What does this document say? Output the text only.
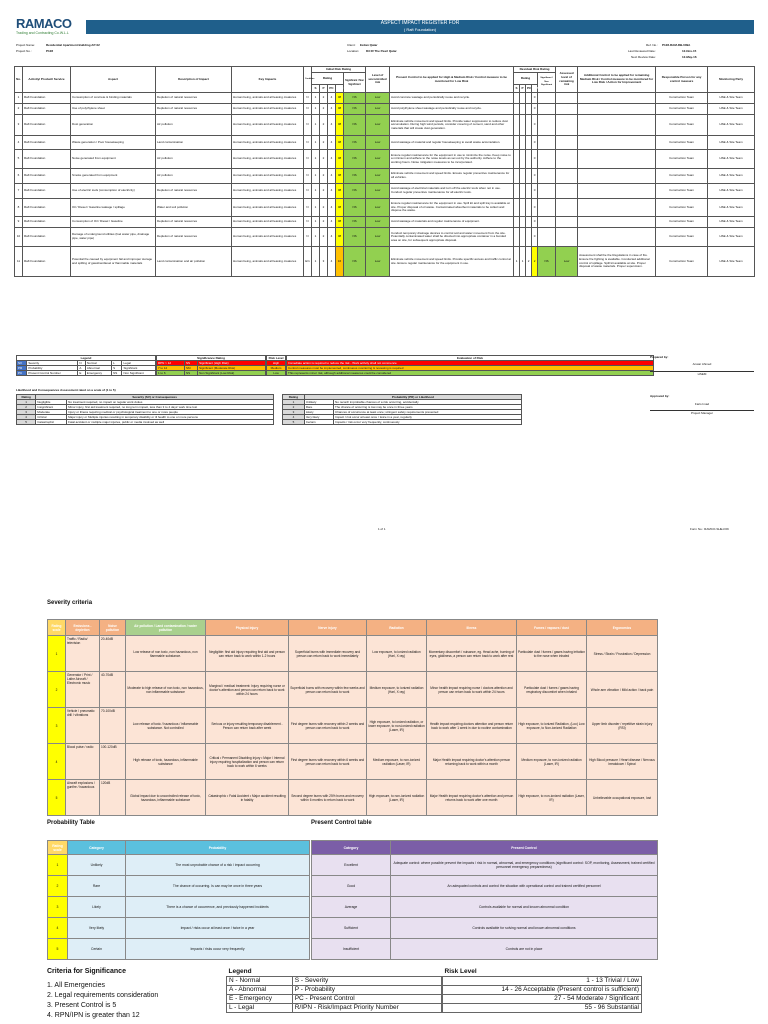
RAMACO
Trading and Contracting Co.W.L.L
ASPECT IMPACT REGISTER FOR
( Raft Foundation)
Project Name:	Residential Apartment Building AP-02
Project No.:	P128
Client: Ezdan Qatar
Location: D3 IR The Pearl Qatar
Ref. No.: P128-RAM-RB-009A
Last Reviewed Date:	12-Nov-15
Next Review Date:	12-May-16
No.	Activity/ Product/ Service	Aspect	Description of Impact	Key Impacts	Condition	Initial Risk Rating					Level of uncontrolled risk	Present Control to be applied for High & Medium Risk / Control measure to be monitored for Low Risk	Residual Risk Rating					Assessed level of remaining risk	Additional Control to be applied for remaining Medium Risk / Control measure to be monitored for Low Risk / Action for Improvement	Responsible Person for any control measure	Monitoring Party
						Rating				Significant / Non Significant			Rating				Significant / Non Significant				
						S	P	PC	RPN				S	P	PC	RPN					
1	Raft Foundation	Consumption of concrete & binding materials	Depletion of natural resources	Human being, animals and all leaving creatures	N	1	2	4	08	NS	Low	Avoid concrete wastage and periodically reuse and recycle.				0				Construction Team	HSE & Site Team
2	Raft Foundation	Use of polythylene sheet	Depletion of natural resources	Human being, animals and all leaving creatures	N	1	2	4	08	NS	Low	Avoid polythylene sheet wastage and periodically reuse and recycle.				0				Construction Team	HSE & Site Team
3	Raft Foundation	Dust generation	Air pollution	Human being, animals and all leaving creatures	N	1	2	4	08	NS	Low	Eliminate vehicle movement and speed limits. Provide water suppression to reduce dust accumulation. During high wind periods, consider covering of cement, sand and other materials that will create dust generation.				0				Construction Team	HSE & Site Team
4	Raft Foundation	Waste generation / Poor housekeeping	Land contamination	Human being, animals and all leaving creatures	N	1	2	4	08	NS	Low	Avoid wastage of material and regular housekeeping to avoid waste accumulation.				0				Construction Team	HSE & Site Team
5	Raft Foundation	Noise generated from equipment	Air pollution	Human being, animals and all leaving creatures	N	1	2	4	08	NS	Low	Ensure regular maintenance for the equipment in use to minimize the noise. Keep noise to a minimum and adhere to the noise levels as set out by the authority. Adhere to the working hours. Noise mitigation measures to be incorporated.				0				Construction Team	HSE & Site Team
6	Raft Foundation	Smoke generated from equipment	Air pollution	Human being, animals and all leaving creatures	N	1	2	4	08	NS	Low	Eliminate vehicle movement and speed limits. Ensure regular preventive maintenance for all vehicles.				0				Construction Team	HSE & Site Team
7	Raft Foundation	Use of electric tools (consumption of electricity)	Depletion of natural resources	Human being, animals and all leaving creatures	N	1	2	4	08	NS	Low	Avoid wastage of electrical materials and turn off the electric tools when not in use. Conduct regular preventive maintenance for all electric tools.				0				Construction Team	HSE & Site Team
8	Raft Foundation	Oil / Diesel / Gasoline leakage / spillage	Water and soil pollution	Human being, animals and all leaving creatures	N	1	2	4	08	NS	Low	Ensure regular maintenance for the equipment in use. Spill kit and spill tray is available at site. Proper disposal of oil waste. Contaminated absorbent materials to be collect and dispose the waste.				0				Construction Team	HSE & Site Team
9	Raft Foundation	Consumption of Oil / Diesel / Gasoline	Depletion of natural resources	Human being, animals and all leaving creatures	N	1	2	4	08	NS	Low	Avoid wastage of materials and regular maintenance of equipment.				0				Construction Team	HSE & Site Team
10	Raft Foundation	Damage of underground utilities (fuel water pipe, drainage pipe, water pipe)	Depletion of natural resources	Human being, animals and all leaving creatures	N	1	2	4	08	NS	Low	Conduct temporary drainage devices to control soil and water movement from the site. Potentially contaminated water shall be directed into appropriate container in a bunded area on site, for subsequent appropriate disposal.				0				Construction Team	HSE & Site Team
11	Raft Foundation	Potential fire caused by equipment fail and improper storage and spilling of gasoline/diesel or flammable materials	Land contamination and air pollution	Human being, animals and all leaving creatures	E/1	1	3	4	16	NS	Low	Eliminate vehicle movement and speed limits. Provide specific access and traffic control at site. Ensure regular maintenance for the equipment in use.	1	1	2	2	NS	Low	Assessment shall be the Regulations in case of fire. Ensure fire fighting is available. Conducted additional control of spillage. Spill kit available at site. Proper disposal of waste materials. Proper supervision.	Construction Team	HSE & Site Team
Legend					
SV	Severity	N	Normal	L	Legal
PR	Probability	A	Abnormal	S	Significant
PC	Present Control Number	E	Emergency	NS	Non Significant
Significance Rating		
RPN > 12	SS	Significant (High Risk)
7 to 12	SM	Significant (Moderate Risk)
1 to 6	NS	Non Significant (Low Risk)
Risk Level
High
Medium
Low
Evaluation of Risk
Immediate action is required to reduce the risk - Work activity shall not commence
Control measures must be implemented, continuous monitoring & reviewing is required
This represents minor risk, although additional measures could be considered
Prepared by:
Anwar Ahmed
HSEM
Likelihood and Consequences Assessment rated on a scale of (1 to 5)
Rating	Severity (SV) or Consequences	
1	Negligible	No treatment required, no impact on regular work duties
2	Insignificant	Minor injury, first aid treatment required, no long term impact, less than 3 to 4 days' work time lost
3	Moderate	Injury or illness requiring medical or psychological treatment to one or more people
4	Critical	Major injury or Multiple injuries resulting in temporary disability or ill health to one or more persons
5	Catastrophic	Fatal accident or multiple major injuries, public or media involved as well
Rating	Probability (PR) or Likelihood	
1	Unlikely	No record/ improbable chances of a risk occurring, accidentally
2	Rare	The chance of occurring is low may be once in three years
3	Likely	Chances of occurrence at least once; stringent safety requirements prevented
4	Very likely	Impact / risk occur at least once / twice in a year, regularly
5	Certain	Impacts / risk occur very frequently, continuously
Approved by:
Faris Imad
Project Manager
1 of 1	Form No.: RAMCO-SHE-F09
Severity criteria
Rating scale	Emissions - depletion	Noise pollution	Air pollution / Land contamination / water pollution	Physical injury	Nerve injury	Radiation	Illness	Fumes / vapours / dust	Ergonomics
1	Traffic / Radio/ television	20-40dB	Low release of non toxic, non hazardous, non flammable substance.	Negligible: first aid injury requiring first aid and person can return back to work within 1-2 hours	Superficial burns with immediate recovery and person can return back to work immediately	Low exposure, to ionized radiation (Harl, X ray)	Momentary discomfort / nuisance, eg. Head ache, burning of eyes, giddiness, a person can return back to work after rest	Particulate dust / fumes / gases having irritation to the nose when inhaled	Stress / Strain / Frustration / Depression
2	Generator / Print / Lathe Aircraft / Electronic music	40-70dB	Moderate to high release of non toxic, non hazardous, non inflammable substance	Marginal / medical treatment: Injury requiring nurse or doctor's attention and person can return back to work within 24 hours	Superficial burns with recovery within few weeks and person can return back to work	Medium exposure, to ionized radiation (Harl, X ray)	Minor health impact requiring nurse / doctors attention and person can return back to work within 24 hours	Particulate dust / fumes / gases having respiratory discomfort when inhaled	Whole arm vibration / Mild action / back pain
3	Vehicle / pneumatic drill / vibrations	70-100dB	Low release of toxic / hazardous / inflammable substance. Not controlled	Serious or injury resulting temporary disablement - Person can return back after week	First degree burns with recovery within 2 weeks and person can return back to work	High exposure, to ionized radiation, or lower exposure, to non-ionized radiation (Laser, IR)	Health impact requiring doctors attention and person return back to work after 1 week in due to routine contamination	High exposure, to ionized Radiation, (Loo) Low exposure, to Non-ionized Radiation	Upper limb disorder / repetitive strain injury (RSI)
4	Blood pulse / radio	100-120dB	High release of toxic, hazardous, inflammable substance	Critical • Permanent Disabling Injury • Major / Internal injury requiring hospitalization and person can return back to work within 6 weeks	First degree burns with recovery within 6 weeks and person can return back to work	Medium exposure, to non-ionized radiation (Laser, IR)	Major Health impact requiring doctor's attention person returning back to work within a month	Medium exposure, to non-ionized radiation (Laser, IR)	High Blood pressure / Heart disease / Nervous breakdown / Spinal
5	Aircraft explosions / gunfire / hazardous	120dB	Global impact due to uncontrolled release of toxic, hazardous, inflammable substance	Catastrophic • Fatal Accident • Major accident resulting in fatality	Second degree burns with 25% burns and recovery within 6 months to return back to work	High exposure, to non-ionized radiation (Laser, IR)	Major Health impact requiring doctor's attention and person returns back to work after one month	High exposure, to non-ionized radiation (Laser, IR)	Unbelievable occupational exposure, lost
Probability Table
Rating scale	Category	Probability
1	Unlikely	The most unprobable chance of a risk / impact occurring
2	Rare	The chance of occurring. Is can may be once in three years
3	Likely	There is a chance of occurrence, and previously happened incidents
4	Very likely	Impact / risks occur at least once / twice in a year
5	Certain	Impacts / risks occur very frequently
Present Control table
Category	Present Control
Excellent	Adequate control: where possible prevent the impacts / risk in normal, abnormal, and emergency conditions (significant control: SOP, monitoring, Assessment, trained certified personnel emergency preparedness)
Good	An adequated controls and control the situation with operational control and trained certified personnel
Average	Controls available for normal and known abnormal condition
Sufficient	Controls available for solving normal and known abnormal conditions
Insufficient	Controls are not in place
Criteria for Significance
1. All Emergencies
2. Legal requirements consideration
3. Present Control is 5
4. RPN/IPN is greater than 12
Legend	
N - Normal	S - Severity
A - Abnormal	P - Probability
E - Emergency	PC - Present Control
L - Legal	R/IPN - Risk/Impact Priority Number
Risk Level
1 - 13 Trivial / Low
14 - 26 Acceptable (Present control is sufficient)
27 - 54 Moderate / Significant
55 - 96 Substantial
